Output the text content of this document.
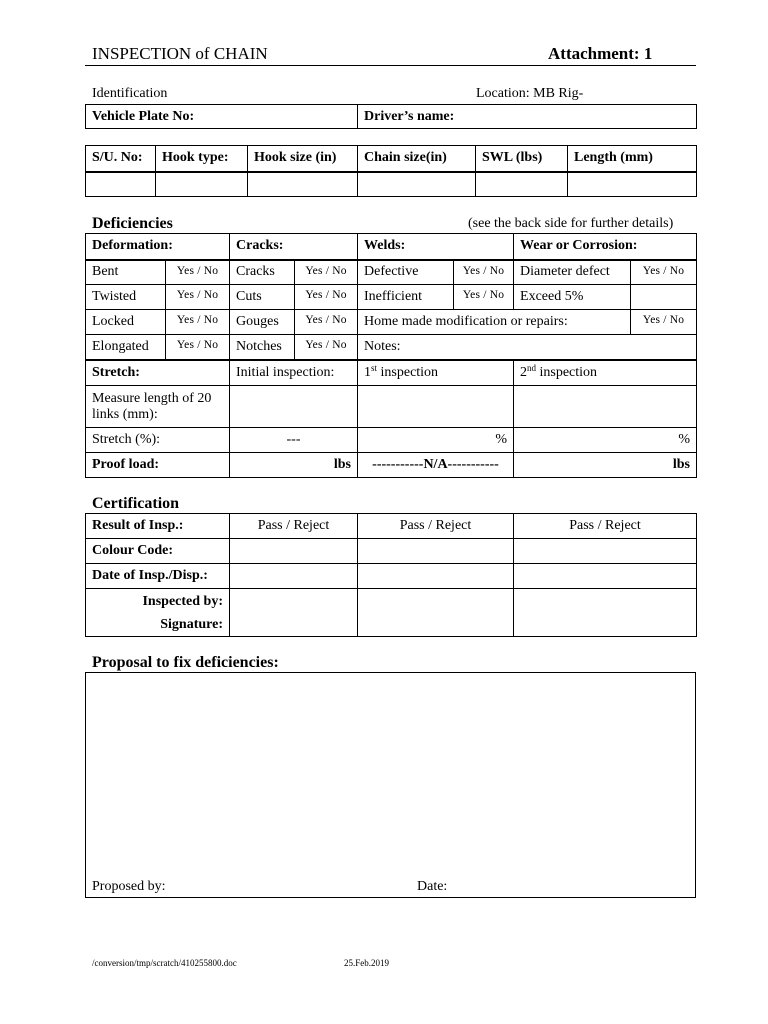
INSPECTION of CHAIN	Attachment: 1
Identification	Location: MB Rig-
Vehicle Plate No:	Driver’s name:
S/U. No:	Hook type:	Hook size (in)	Chain size(in)	SWL (lbs)	Length (mm)

Deficiencies	(see the back side for further details)
Deformation:		Cracks:		Welds:		Wear or Corrosion:	
Bent	Yes / No	Cracks	Yes / No	Defective	Yes / No	Diameter defect	Yes / No
Twisted	Yes / No	Cuts	Yes / No	Inefficient	Yes / No	Exceed 5%	
Locked	Yes / No	Gouges	Yes / No	Home made modification or repairs:			Yes / No
Elongated	Yes / No	Notches	Yes / No	Notes:			
Stretch:	Initial inspection:	1st inspection	2nd inspection
Measure length of 20 links (mm):			
Stretch (%):	---	%	%
Proof load:	lbs	-----------N/A-----------	lbs
Certification
Result of Insp.:	Pass / Reject	Pass / Reject	Pass / Reject
Colour Code:			
Date of Insp./Disp.:			

Inspected by:
Signature:			

Proposal to fix deficiencies:
Proposed by:	Date:
/conversion/tmp/scratch/410255800.doc	25.Feb.2019
